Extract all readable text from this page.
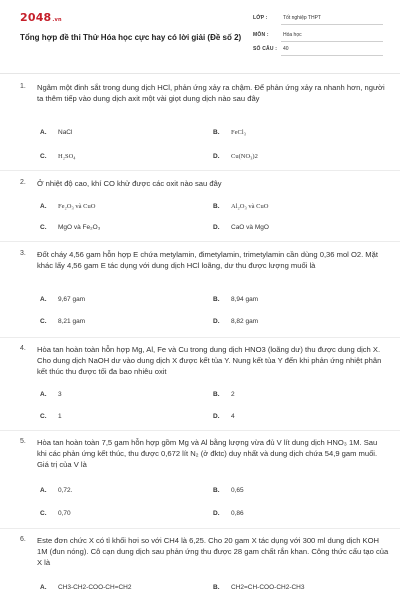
2048.vn
Tổng hợp đề thi Thử Hóa học cực hay có lời giải (Đề số 2)
LỚP :	Tốt nghiệp THPT
MÔN :	Hóa học
SỐ CÂU : 40
1. Ngâm một đinh sắt trong dung dịch HCl, phản ứng xảy ra chậm. Để phản ứng xảy ra nhanh hơn, người ta thêm tiếp vào dung dịch axit một vài giọt dung dịch nào sau đây
A. NaCl	B. FeCl₃
C. H₂SO₄	D. Cu(NO₃)2
2. Ở nhiệt độ cao, khí CO khử được các oxit nào sau đây
A. Fe₂O₃ và CuO	B. Al₂O₃ và CuO
C. MgO và Fe₂O₃	D. CaO và MgO
3. Đốt cháy 4,56 gam hỗn hợp E chứa metylamin, đimetylamin, trimetylamin cần dùng 0,36 mol O2. Mặt khác lấy 4,56 gam E tác dụng với dung dịch HCl loãng, dư thu được lượng muối là
A. 9,67 gam	B. 8,94 gam
C. 8,21 gam	D. 8,82 gam
4. Hòa tan hoàn toàn hỗn hợp Mg, Al, Fe và Cu trong dung dịch HNO3 (loãng dư) thu được dung dịch X. Cho dung dịch NaOH dư vào dung dịch X được kết tủa Y. Nung kết tủa Y đến khi phản ứng nhiệt phân kết thúc thu được tối đa bao nhiêu oxit
A. 3	B. 2
C. 1	D. 4
5. Hòa tan hoàn toàn 7,5 gam hỗn hợp gồm Mg và Al bằng lượng vừa đủ V lít dung dịch HNO₃ 1M. Sau khi các phản ứng kết thúc, thu được 0,672 lít N₂ (ở đktc) duy nhất và dung dịch chứa 54,9 gam muối. Giá trị của V là
A. 0,72.	B. 0,65
C. 0,70	D. 0,86
6. Este đơn chức X có tỉ khối hơi so với CH4 là 6,25. Cho 20 gam X tác dụng với 300 ml dung dịch KOH 1M (đun nóng). Cô cạn dung dịch sau phản ứng thu được 28 gam chất rắn khan. Công thức cấu tạo của X là
A. CH3-CH2-COO-CH=CH2	B. CH2=CH-COO-CH2-CH3
